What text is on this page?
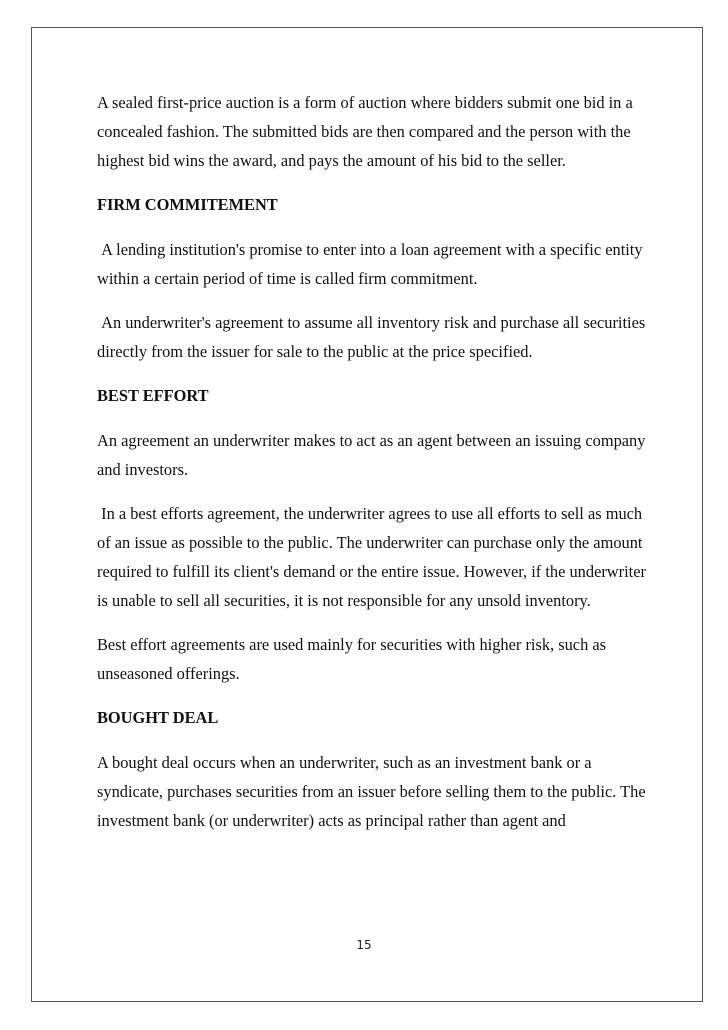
A sealed first-price auction is a form of auction where bidders submit one bid in a concealed fashion. The submitted bids are then compared and the person with the highest bid wins the award, and pays the amount of his bid to the seller.

FIRM COMMITEMENT

A lending institution's promise to enter into a loan agreement with a specific entity within a certain period of time is called firm commitment.

An underwriter's agreement to assume all inventory risk and purchase all securities directly from the issuer for sale to the public at the price specified.

BEST EFFORT

An agreement an underwriter makes to act as an agent between an issuing company and investors.

In a best efforts agreement, the underwriter agrees to use all efforts to sell as much of an issue as possible to the public. The underwriter can purchase only the amount required to fulfill its client's demand or the entire issue. However, if the underwriter is unable to sell all securities, it is not responsible for any unsold inventory.

Best effort agreements are used mainly for securities with higher risk, such as unseasoned offerings.

BOUGHT DEAL

A bought deal occurs when an underwriter, such as an investment bank or a syndicate, purchases securities from an issuer before selling them to the public. The investment bank (or underwriter) acts as principal rather than agent and

15
